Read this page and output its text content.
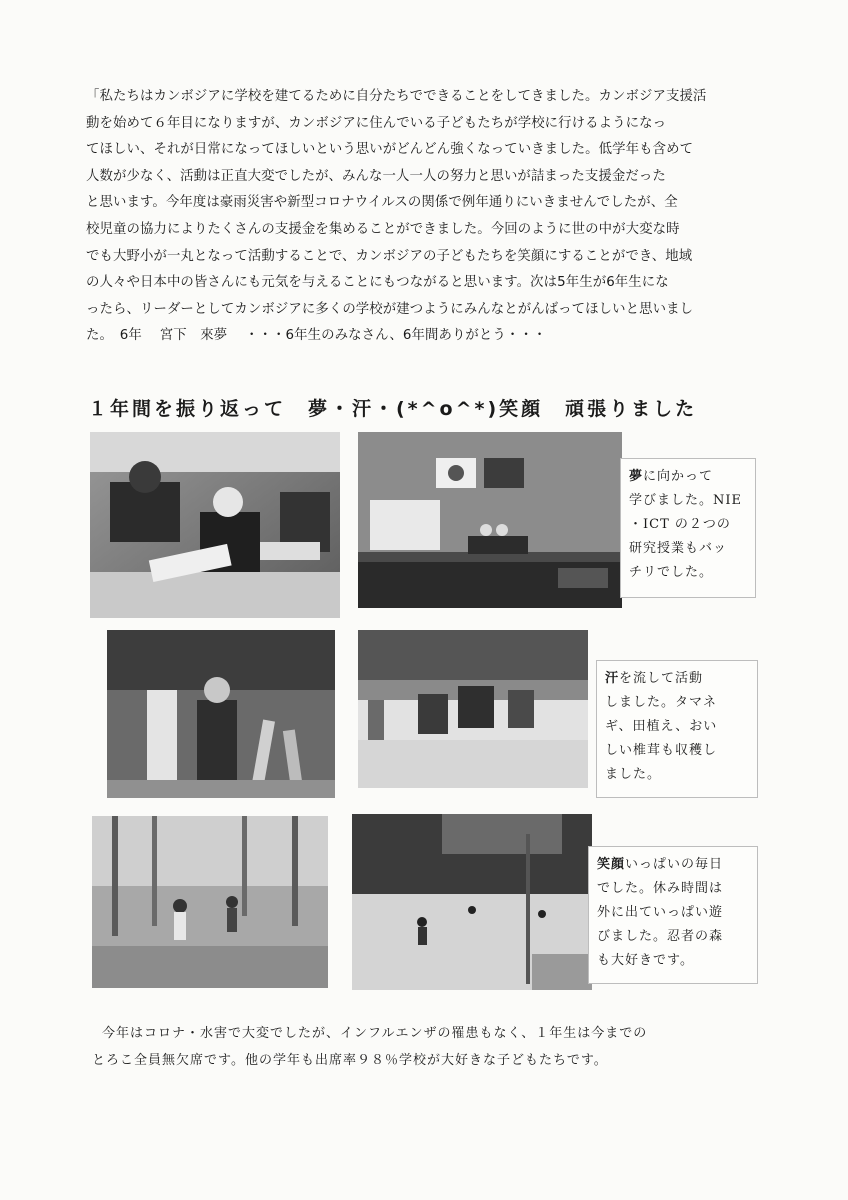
「私たちはカンボジアに学校を建てるために自分たちでできることをしてきました。カンボジア支援活
動を始めて６年目になりますが、カンボジアに住んでいる子どもたちが学校に行けるようになっ
てほしい、それが日常になってほしいという思いがどんどん強くなっていきました。低学年も含めて
人数が少なく、活動は正直大変でしたが、みんな一人一人の努力と思いが詰まった支援金だった
と思います。今年度は豪雨災害や新型コロナウイルスの関係で例年通りにいきませんでしたが、全
校児童の協力によりたくさんの支援金を集めることができました。今回のように世の中が大変な時
でも大野小が一丸となって活動することで、カンボジアの子どもたちを笑顔にすることができ、地域
の人々や日本中の皆さんにも元気を与えることにもつながると思います。次は5年生が6年生にな
ったら、リーダーとしてカンボジアに多くの学校が建つようにみんなとがんばってほしいと思いまし
た。　6年　 宮下　來夢　 ・・・6年生のみなさん、6年間ありがとう・・・
１年間を振り返って　夢・汗・(*^o^*)笑顔　頑張りました
夢に向かって
学びました。NIE
・ICT の２つの
研究授業もバッ
チリでした。
汗を流して活動
しました。タマネ
ギ、田植え、おい
しい椎茸も収穫し
ました。
笑顔いっぱいの毎日
でした。休み時間は
外に出ていっぱい遊
びました。忍者の森
も大好きです。
今年はコロナ・水害で大変でしたが、インフルエンザの罹患もなく、１年生は今までの
とろこ全員無欠席です。他の学年も出席率９８％学校が大好きな子どもたちです。
